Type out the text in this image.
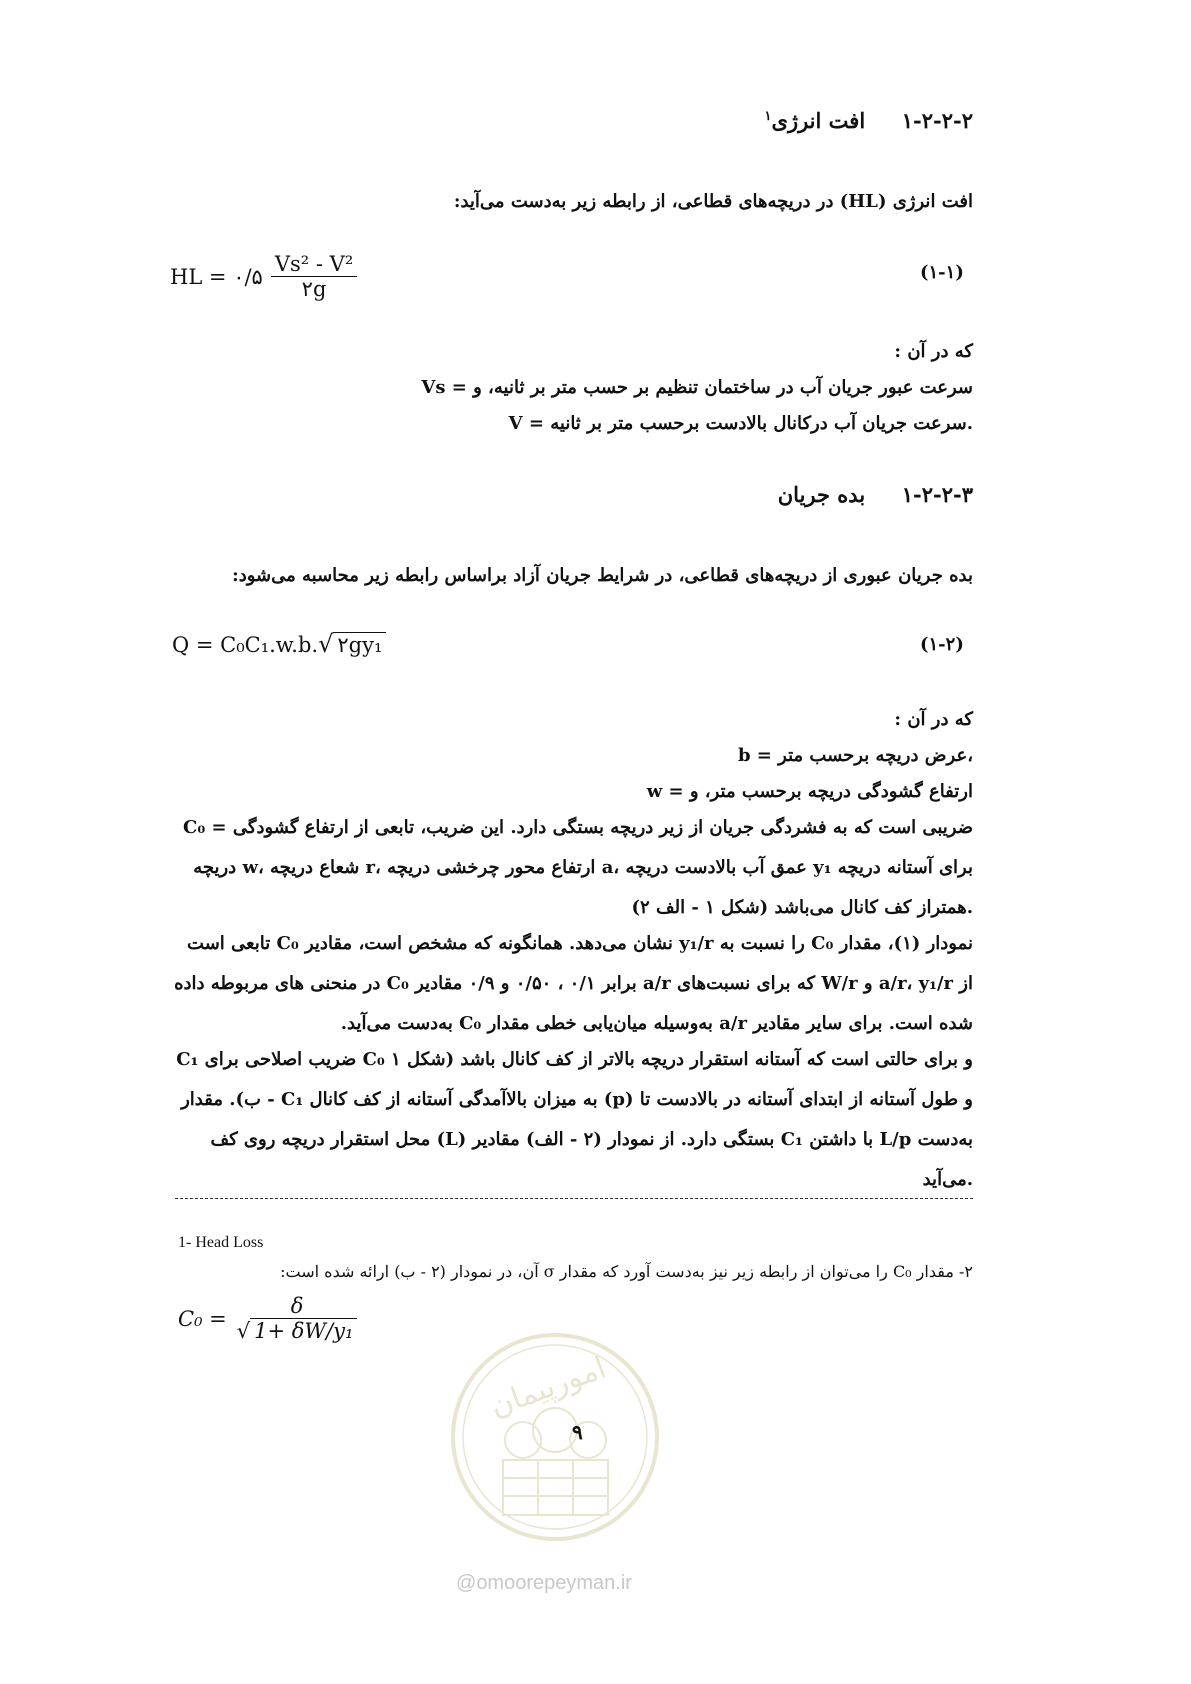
۱-۲-۲-۲     افت انرژی$^۱$
افت انرژی (HL) در دریچه‌های قطاعی، از رابطه زیر به‌دست می‌آید:
HL = ۰/۵ $\frac{\text{Vs² - V²}}{۲g}$	(۱-۱)
که در آن :
Vs = سرعت عبور جریان آب در ساختمان تنظیم بر حسب متر بر ثانیه، و
V = سرعت جریان آب درکانال بالادست برحسب متر بر ثانیه.
۱-۲-۲-۳     بده جریان
بده جریان عبوری از دریچه‌های قطاعی، در شرایط جریان آزاد براساس رابطه زیر محاسبه می‌شود:
Q = C₀C₁.w.b.√ ۲gy₁	(۱-۲)
که در آن :
b = عرض دریچه برحسب متر،
w = ارتفاع گشودگی دریچه برحسب متر، و
C₀ = ضریبی است که به فشردگی جریان از زیر دریچه بستگی دارد. این ضریب، تابعی از ارتفاع گشودگی دریچه w، شعاع دریچه r، ارتفاع محور چرخشی دریچه a، عمق آب بالادست دریچه y₁ برای آستانه دریچه همتراز کف کانال می‌باشد (شکل ۱ - الف ۲).
نمودار (۱)، مقدار C₀ را نسبت به y₁/r نشان می‌دهد. همانگونه که مشخص است، مقادیر C₀ تابعی است از a/r، y₁/r و W/r که برای نسبت‌های a/r برابر ۰/۱ ، ۰/۵۰ و ۰/۹ مقادیر C₀ در منحنی های مربوطه داده شده است. برای سایر مقادیر a/r به‌وسیله میان‌یابی خطی مقدار C₀ به‌دست می‌آید.
C₁ ضریب اصلاحی برای C₀ و برای حالتی است که آستانه استقرار دریچه بالاتر از کف کانال باشد (شکل ۱ - ب). مقدار C₁ به میزان بالاآمدگی آستانه از کف کانال (p) و طول آستانه از ابتدای آستانه در بالادست تا محل استقرار دریچه روی کف (L) بستگی دارد. از نمودار (۲ - الف) مقادیر C₁ با داشتن L/p به‌دست می‌آید.
1- Head Loss
۲- مقدار C₀ را می‌توان از رابطه زیر نیز به‌دست آورد که مقدار σ آن، در نمودار (۲ - ب) ارائه شده است:
$C_0 = \frac{\delta}{\text{√ 1+ δW/y₁}}$
امورپیمان
۹
@omoorepeyman.ir
